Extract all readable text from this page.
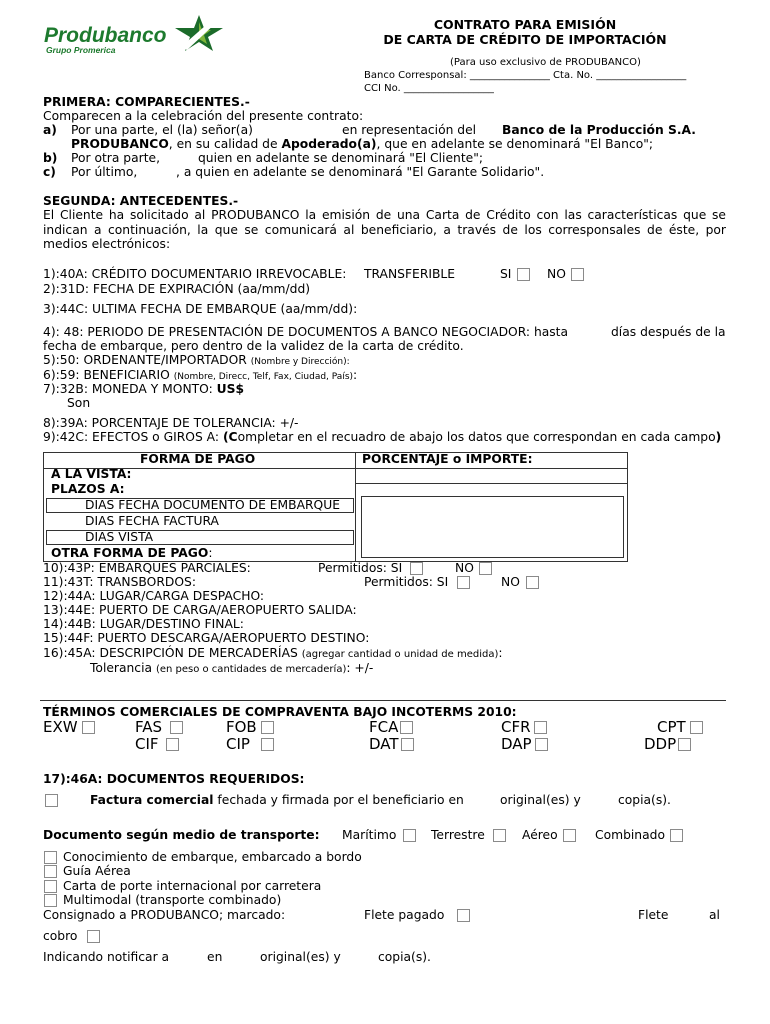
Produbanco
Grupo Promerica
CONTRATO PARA EMISIÓN
DE CARTA DE CRÉDITO DE IMPORTACIÓN
(Para uso exclusivo de PRODUBANCO)
Banco Corresponsal: ________________ Cta. No. __________________
CCI No. __________________
PRIMERA: COMPARECIENTES.-
Comparecen a la celebración del presente contrato:
a) Por una parte, el (la) señor(a)	en representación del Banco de la Producción S.A.
PRODUBANCO, en su calidad de Apoderado(a), que en adelante se denominará "El Banco";
b) Por otra parte,	quien en adelante se denominará "El Cliente";
c) Por último,	, a quien en adelante se denominará "El Garante Solidario".
SEGUNDA: ANTECEDENTES.-
El Cliente ha solicitado al PRODUBANCO la emisión de una Carta de Crédito con las características que se indican a continuación, la que se comunicará al beneficiario, a través de los corresponsales de éste, por medios electrónicos:
1):40A: CRÉDITO DOCUMENTARIO IRREVOCABLE: TRANSFERIBLE	SI	NO
2):31D: FECHA DE EXPIRACIÓN (aa/mm/dd)
3):44C: ULTIMA FECHA DE EMBARQUE (aa/mm/dd):
4): 48: PERIODO DE PRESENTACIÓN DE DOCUMENTOS A BANCO NEGOCIADOR: hasta	días después de la
fecha de embarque, pero dentro de la validez de la carta de crédito.
5):50: ORDENANTE/IMPORTADOR (Nombre y Dirección):
6):59: BENEFICIARIO (Nombre, Direcc, Telf, Fax, Ciudad, País):
7):32B: MONEDA Y MONTO: US$
Son
8):39A: PORCENTAJE DE TOLERANCIA: +/-
9):42C: EFECTOS o GIROS A: (Completar en el recuadro de abajo los datos que correspondan en cada campo)
FORMA DE PAGO	PORCENTAJE o IMPORTE:
A LA VISTA:
PLAZOS A:
DIAS FECHA DOCUMENTO DE EMBARQUE
DIAS FECHA FACTURA
DIAS VISTA
OTRA FORMA DE PAGO:
10):43P: EMBARQUES PARCIALES:	Permitidos: SI	NO
11):43T: TRANSBORDOS:	Permitidos: SI	NO
12):44A: LUGAR/CARGA DESPACHO:
13):44E: PUERTO DE CARGA/AEROPUERTO SALIDA:
14):44B: LUGAR/DESTINO FINAL:
15):44F: PUERTO DESCARGA/AEROPUERTO DESTINO:
16):45A: DESCRIPCIÓN DE MERCADERÍAS (agregar cantidad o unidad de medida):
Tolerancia (en peso o cantidades de mercadería): +/-
TÉRMINOS COMERCIALES DE COMPRAVENTA BAJO INCOTERMS 2010:
EXW	FAS	FOB	FCA	CFR	CPT
CIF	CIP	DAT	DAP	DDP
17):46A: DOCUMENTOS REQUERIDOS:
Factura comercial fechada y firmada por el beneficiario en	original(es) y	copia(s).
Documento según medio de transporte: Marítimo	Terrestre	Aéreo	Combinado
Conocimiento de embarque, embarcado a bordo
Guía Aérea
Carta de porte internacional por carretera
Multimodal (transporte combinado)
Consignado a PRODUBANCO; marcado:	Flete pagado	Flete	al
cobro
Indicando notificar a	en	original(es) y	copia(s).
